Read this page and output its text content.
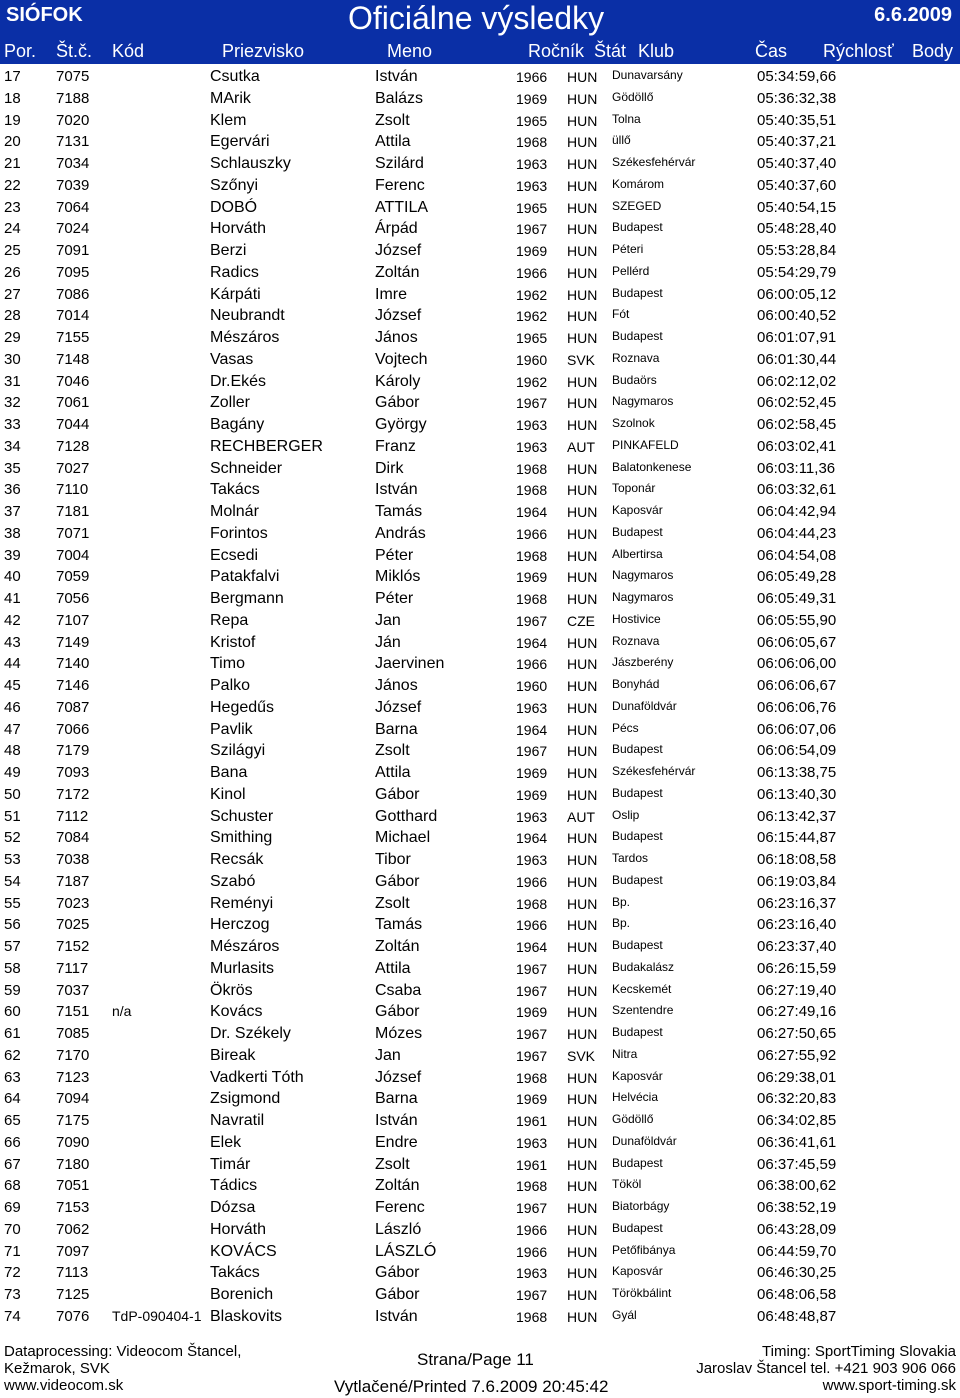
SIÓFOK	Oficiálne výsledky	6.6.2009
Por. Št.č. Kód	Priezvisko	Meno	Ročník Štát Klub	Čas Rýchlosť Body
17 7075	Csutka	István	1966 HUN Dunavarsány	05:34:59,66
18 7188	MArik	Balázs	1969 HUN Gödöllő	05:36:32,38
19 7020	Klem	Zsolt	1965 HUN Tolna	05:40:35,51
20 7131	Egervári	Attila	1968 HUN üllő	05:40:37,21
21 7034	Schlauszky	Szilárd	1963 HUN Székesfehérvár	05:40:37,40
22 7039	Szőnyi	Ferenc	1963 HUN Komárom	05:40:37,60
23 7064	DOBÓ	ATTILA	1965 HUN SZEGED	05:40:54,15
24 7024	Horváth	Árpád	1967 HUN Budapest	05:48:28,40
25 7091	Berzi	József	1969 HUN Péteri	05:53:28,84
26 7095	Radics	Zoltán	1966 HUN Pellérd	05:54:29,79
27 7086	Kárpáti	Imre	1962 HUN Budapest	06:00:05,12
28 7014	Neubrandt	József	1962 HUN Fót	06:00:40,52
29 7155	Mészáros	János	1965 HUN Budapest	06:01:07,91
30 7148	Vasas	Vojtech	1960 SVK Roznava	06:01:30,44
31 7046	Dr.Ekés	Károly	1962 HUN Budaörs	06:02:12,02
32 7061	Zoller	Gábor	1967 HUN Nagymaros	06:02:52,45
33 7044	Bagány	György	1963 HUN Szolnok	06:02:58,45
34 7128	RECHBERGER	Franz	1963 AUT PINKAFELD	06:03:02,41
35 7027	Schneider	Dirk	1968 HUN Balatonkenese	06:03:11,36
36 7110	Takács	István	1968 HUN Toponár	06:03:32,61
37 7181	Molnár	Tamás	1964 HUN Kaposvár	06:04:42,94
38 7071	Forintos	András	1966 HUN Budapest	06:04:44,23
39 7004	Ecsedi	Péter	1968 HUN Albertirsa	06:04:54,08
40 7059	Patakfalvi	Miklós	1969 HUN Nagymaros	06:05:49,28
41 7056	Bergmann	Péter	1968 HUN Nagymaros	06:05:49,31
42 7107	Repa	Jan	1967 CZE Hostivice	06:05:55,90
43 7149	Kristof	Ján	1964 HUN Roznava	06:06:05,67
44 7140	Timo	Jaervinen	1966 HUN Jászberény	06:06:06,00
45 7146	Palko	János	1960 HUN Bonyhád	06:06:06,67
46 7087	Hegedűs	József	1963 HUN Dunaföldvár	06:06:06,76
47 7066	Pavlik	Barna	1964 HUN Pécs	06:06:07,06
48 7179	Szilágyi	Zsolt	1967 HUN Budapest	06:06:54,09
49 7093	Bana	Attila	1969 HUN Székesfehérvár	06:13:38,75
50 7172	Kinol	Gábor	1969 HUN Budapest	06:13:40,30
51 7112	Schuster	Gotthard	1963 AUT Oslip	06:13:42,37
52 7084	Smithing	Michael	1964 HUN Budapest	06:15:44,87
53 7038	Recsák	Tibor	1963 HUN Tardos	06:18:08,58
54 7187	Szabó	Gábor	1966 HUN Budapest	06:19:03,84
55 7023	Reményi	Zsolt	1968 HUN Bp.	06:23:16,37
56 7025	Herczog	Tamás	1966 HUN Bp.	06:23:16,40
57 7152	Mészáros	Zoltán	1964 HUN Budapest	06:23:37,40
58 7117	Murlasits	Attila	1967 HUN Budakalász	06:26:15,59
59 7037	Ökrös	Csaba	1967 HUN Kecskemét	06:27:19,40
60 7151 n/a	Kovács	Gábor	1969 HUN Szentendre	06:27:49,16
61 7085	Dr. Székely	Mózes	1967 HUN Budapest	06:27:50,65
62 7170	Bireak	Jan	1967 SVK Nitra	06:27:55,92
63 7123	Vadkerti Tóth	József	1968 HUN Kaposvár	06:29:38,01
64 7094	Zsigmond	Barna	1969 HUN Helvécia	06:32:20,83
65 7175	Navratil	István	1961 HUN Gödöllő	06:34:02,85
66 7090	Elek	Endre	1963 HUN Dunaföldvár	06:36:41,61
67 7180	Timár	Zsolt	1961 HUN Budapest	06:37:45,59
68 7051	Tádics	Zoltán	1968 HUN Tököl	06:38:00,62
69 7153	Dózsa	Ferenc	1967 HUN Biatorbágy	06:38:52,19
70 7062	Horváth	László	1966 HUN Budapest	06:43:28,09
71 7097	KOVÁCS	LÁSZLÓ	1966 HUN Petőfibánya	06:44:59,70
72 7113	Takács	Gábor	1963 HUN Kaposvár	06:46:30,25
73 7125	Borenich	Gábor	1967 HUN Törökbálint	06:48:06,58
74 7076 TdP-090404-1 Blaskovits	István	1968 HUN Gyál	06:48:48,87
Dataprocessing: Videocom Štancel,
Kežmarok, SVK
www.videocom.sk
Strana/Page 11
Vytlačené/Printed 7.6.2009 20:45:42
Timing: SportTiming Slovakia
Jaroslav Štancel tel. +421 903 906 066
www.sport-timing.sk
